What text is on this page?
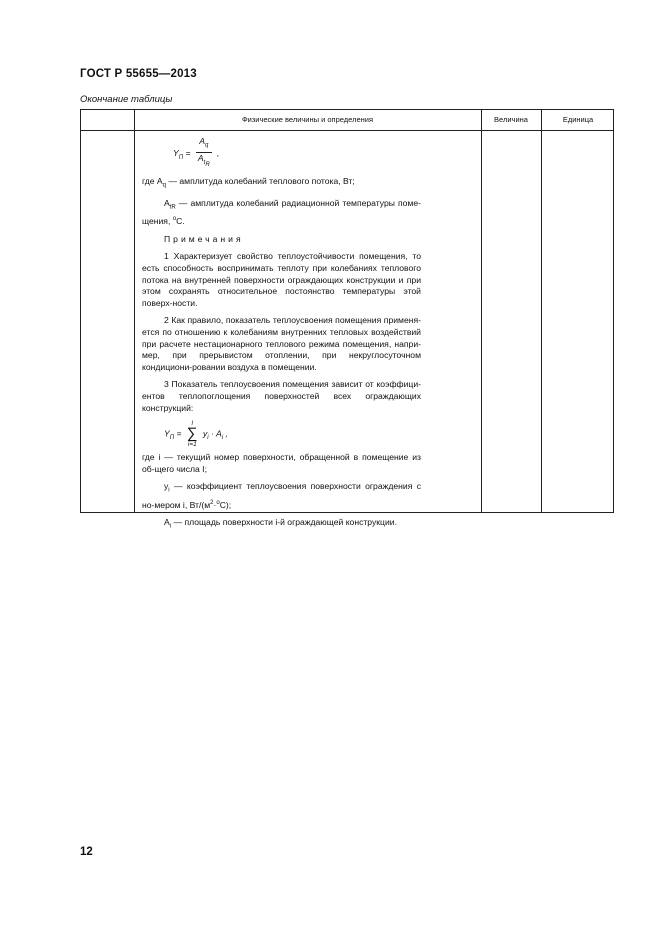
ГОСТ Р 55655—2013
Окончание таблицы
Физические величины и определения	Величина	Единица

$Y_П = \frac{A_q}{A_{t_R}}$ ,

где $A_q$ — амплитуда колебаний теплового потока, Вт;

$A_{tR}$ — амплитуда колебаний радиационной температуры поме-щения, $^o$C.

Примечания

1 Характеризует свойство теплоустойчивости помещения, то есть способность воспринимать теплоту при колебаниях теплового потока на внутренней поверхности ограждающих конструкции и при этом сохранять относительное постоянство температуры этой поверх-ности.

2 Как правило, показатель теплоусвоения помещения применя-ется по отношению к колебаниям внутренних тепловых воздействий при расчете нестационарного теплового режима помещения, напри-мер, при прерывистом отоплении, при некруглосуточном кондициони-ровании воздуха в помещении.

3 Показатель теплоусвоения помещения зависит от коэффици-ентов теплопоглощения поверхностей всех ограждающих конструкций:

$Y_П$ =
l
∑
i=1
$y_i \cdot A_i$ ,

где i — текущий номер поверхности, обращенной в помещение из об-щего числа I;

$y_i$ — коэффициент теплоусвоения поверхности ограждения с но-мером i, $Вт/(м^2\cdot^oC)$;

$A_i$ — площадь поверхности i-й ограждающей конструкции.

12
